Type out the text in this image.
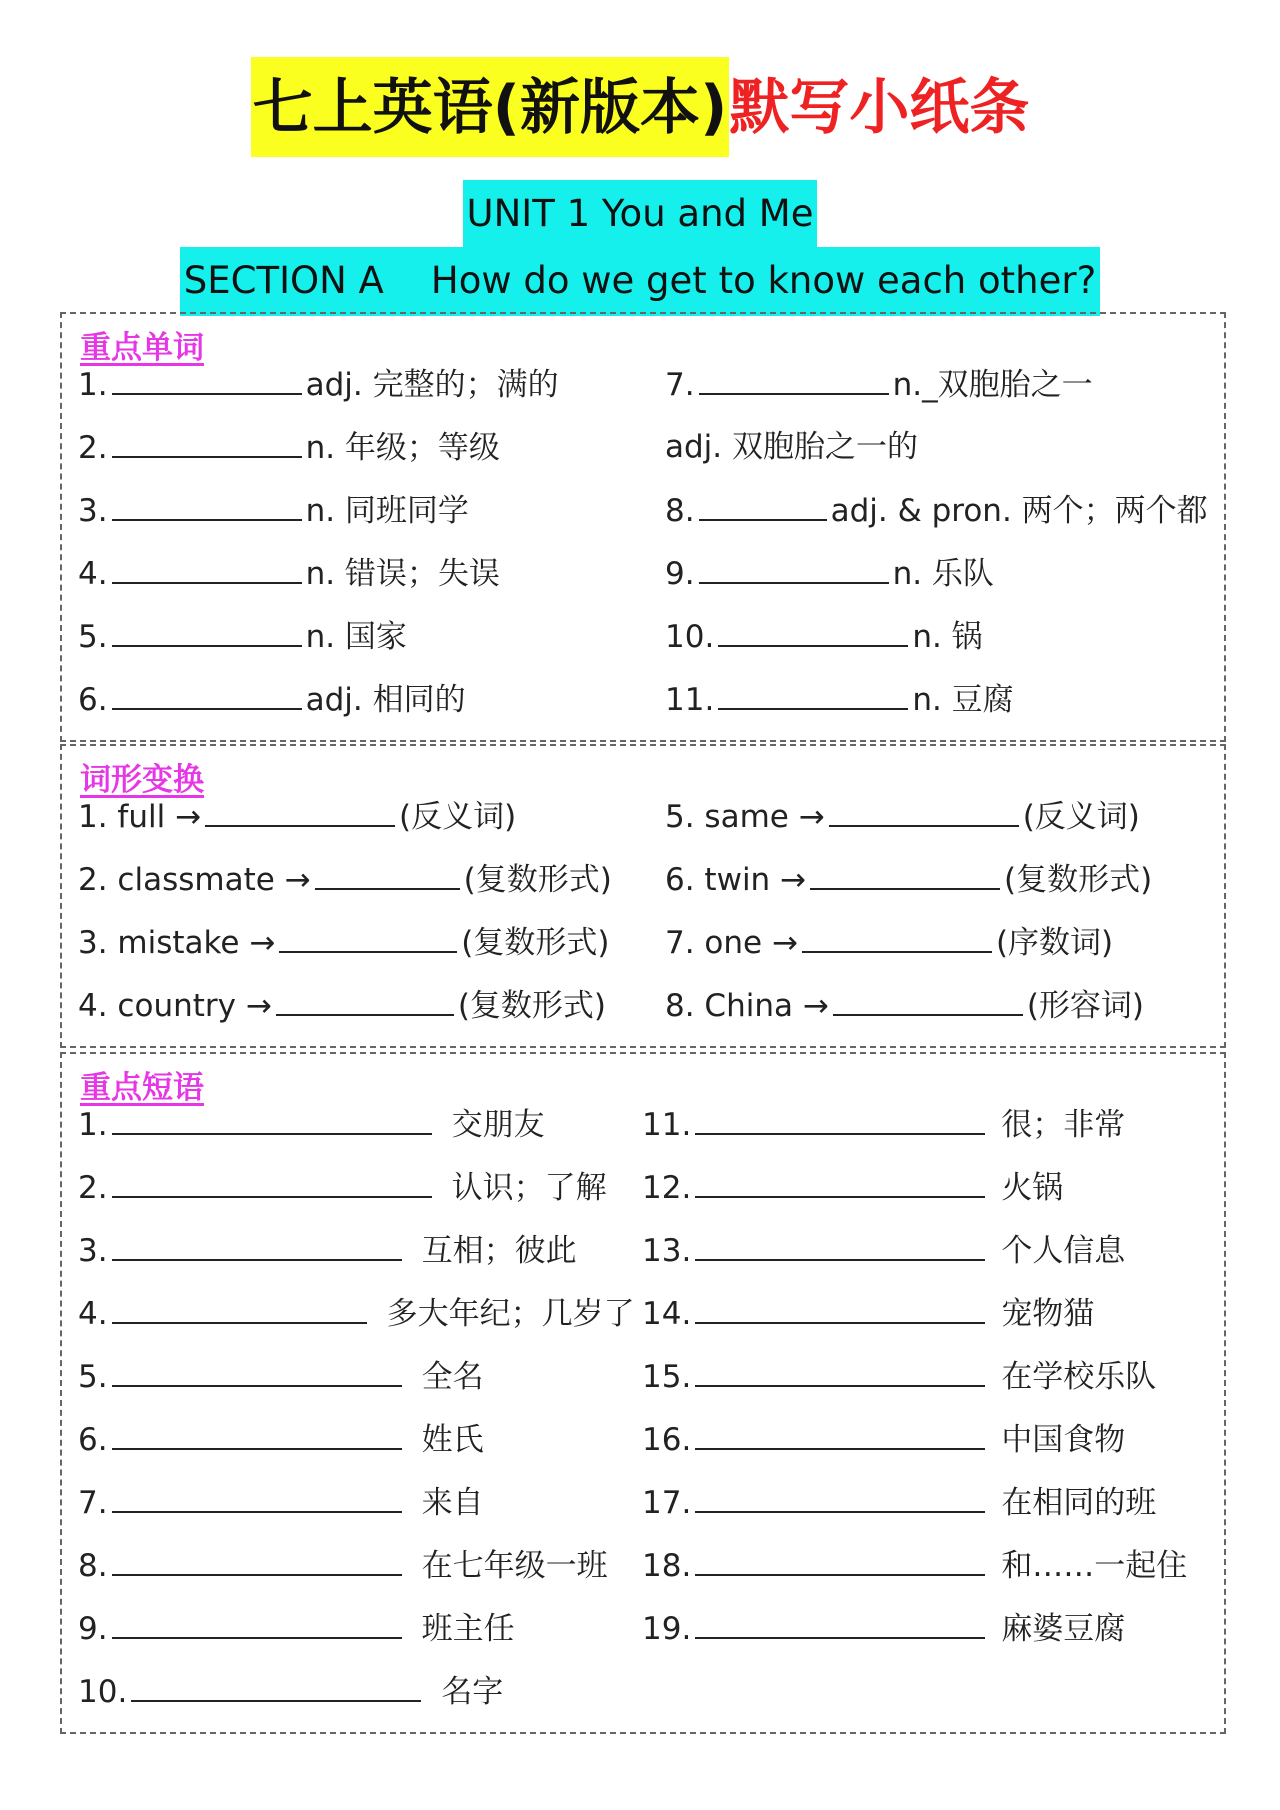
七上英语(新版本)默写小纸条
UNIT 1 You and Me
SECTION A    How do we get to know each other?
重点单词
1.	adj. 完整的；满的
2.	n. 年级；等级
3.	n. 同班同学
4.	n. 错误；失误
5.	n. 国家
6.	adj. 相同的
7.	n._双胞胎之一
adj. 双胞胎之一的
8.	adj. & pron. 两个；两个都
9.	n. 乐队
10.	n. 锅
11.	n. 豆腐
词形变换
1. full →	(反义词)
2. classmate →	(复数形式)
3. mistake →	(复数形式)
4. country →	(复数形式)
5. same →	(反义词)
6. twin →	(复数形式)
7. one →	(序数词)
8. China →	(形容词)
重点短语
1.	交朋友
2.	认识；了解
3.	互相；彼此
4.	多大年纪；几岁了
5.	全名
6.	姓氏
7.	来自
8.	在七年级一班
9.	班主任
10.	名字
11.	很；非常
12.	火锅
13.	个人信息
14.	宠物猫
15.	在学校乐队
16.	中国食物
17.	在相同的班
18.	和……一起住
19.	麻婆豆腐
